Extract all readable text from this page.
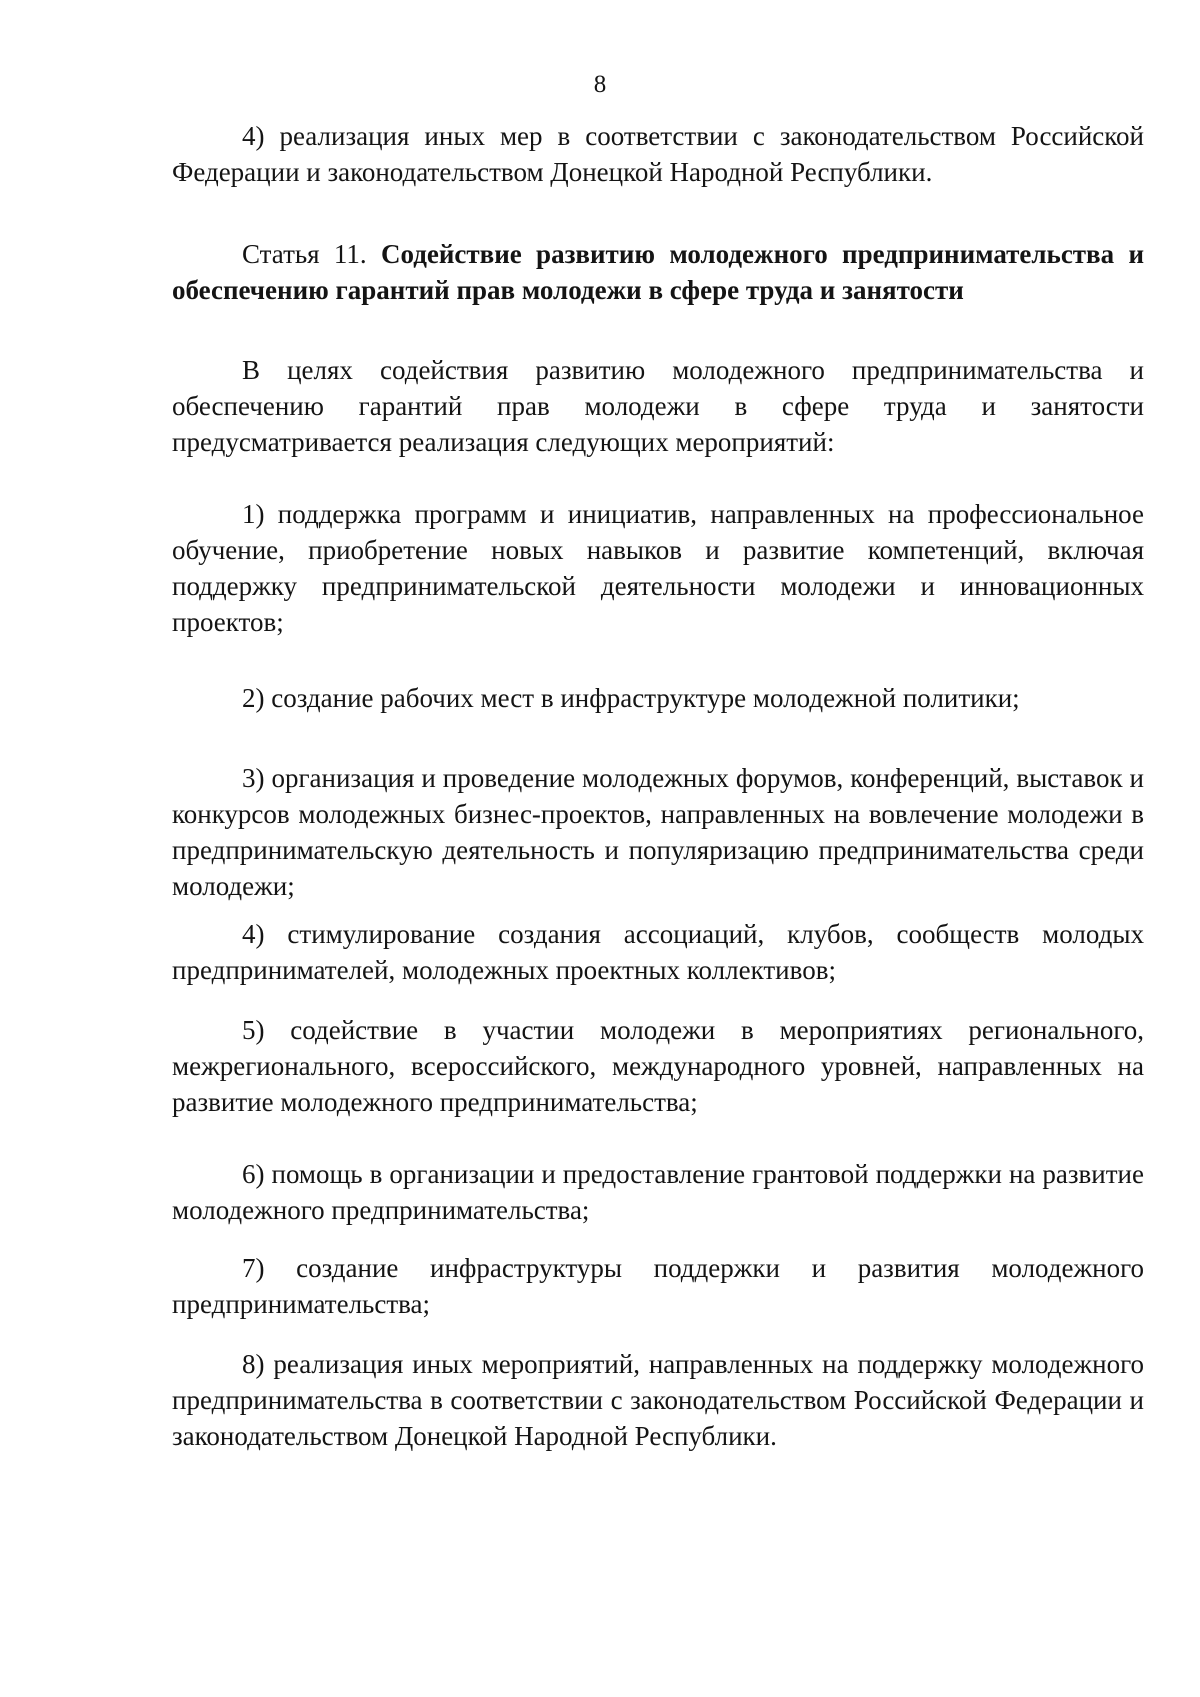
8

4) реализация иных мер в соответствии с законодательством Российской Федерации и законодательством Донецкой Народной Республики.

Статья 11. Содействие развитию молодежного предпринимательства и обеспечению гарантий прав молодежи в сфере труда и занятости

В целях содействия развитию молодежного предпринимательства и обеспечению гарантий прав молодежи в сфере труда и занятости предусматривается реализация следующих мероприятий:

1) поддержка программ и инициатив, направленных на профессиональное обучение, приобретение новых навыков и развитие компетенций, включая поддержку предпринимательской деятельности молодежи и инновационных проектов;

2) создание рабочих мест в инфраструктуре молодежной политики;

3) организация и проведение молодежных форумов, конференций, выставок и конкурсов молодежных бизнес-проектов, направленных на вовлечение молодежи в предпринимательскую деятельность и популяризацию предпринимательства среди молодежи;

4) стимулирование создания ассоциаций, клубов, сообществ молодых предпринимателей, молодежных проектных коллективов;

5) содействие в участии молодежи в мероприятиях регионального, межрегионального, всероссийского, международного уровней, направленных на развитие молодежного предпринимательства;

6) помощь в организации и предоставление грантовой поддержки на развитие молодежного предпринимательства;

7) создание инфраструктуры поддержки и развития молодежного предпринимательства;

8) реализация иных мероприятий, направленных на поддержку молодежного предпринимательства в соответствии с законодательством Российской Федерации и законодательством Донецкой Народной Республики.
